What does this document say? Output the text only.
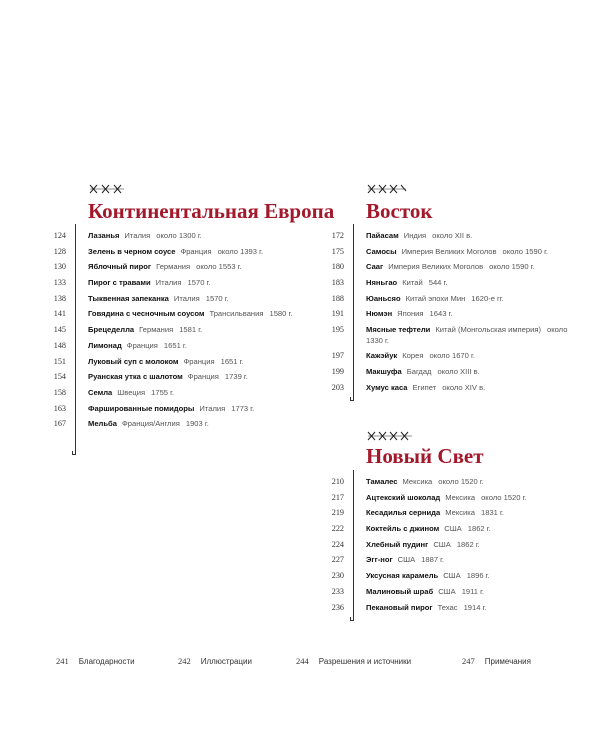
Континентальная Европа
124	Лазанья Италия около 1300 г.
128	Зелень в черном соусе Франция около 1393 г.
130	Яблочный пирог Германия около 1553 г.
133	Пирог с травами Италия 1570 г.
138	Тыквенная запеканка Италия 1570 г.
141	Говядина с чесночным соусом Трансильвания 1580 г.
145	Брецеделла Германия 1581 г.
148	Лимонад Франция 1651 г.
151	Луковый суп с молоком Франция 1651 г.
154	Руанская утка с шалотом Франция 1739 г.
158	Семла Швеция 1755 г.
163	Фаршированные помидоры Италия 1773 г.
167	Мельба Франция/Англия 1903 г.
Восток
172	Пайасам Индия около XII в.
175	Самосы Империя Великих Моголов около 1590 г.
180	Сааг Империя Великих Моголов около 1590 г.
183	Няньгао Китай 544 г.
188	Юаньсяо Китай эпохи Мин 1620-е гг.
191	Нюмэн Япония 1643 г.
195	Мясные тефтели Китай (Монгольская империя) около 1330 г.
197	Кажэйук Корея около 1670 г.
199	Макшуфа Багдад около XIII в.
203	Хумус каса Египет около XIV в.
Новый Свет
210	Тамалес Мексика около 1520 г.
217	Ацтекский шоколад Мексика около 1520 г.
219	Кесадилья сернида Мексика 1831 г.
222	Коктейль с джином США 1862 г.
224	Хлебный пудинг США 1862 г.
227	Эгг-ног США 1887 г.
230	Уксусная карамель США 1896 г.
233	Малиновый шраб США 1911 г.
236	Пекановый пирог Техас 1914 г.
241 Благодарности	242 Иллюстрации	244 Разрешения и источники	247 Примечания
